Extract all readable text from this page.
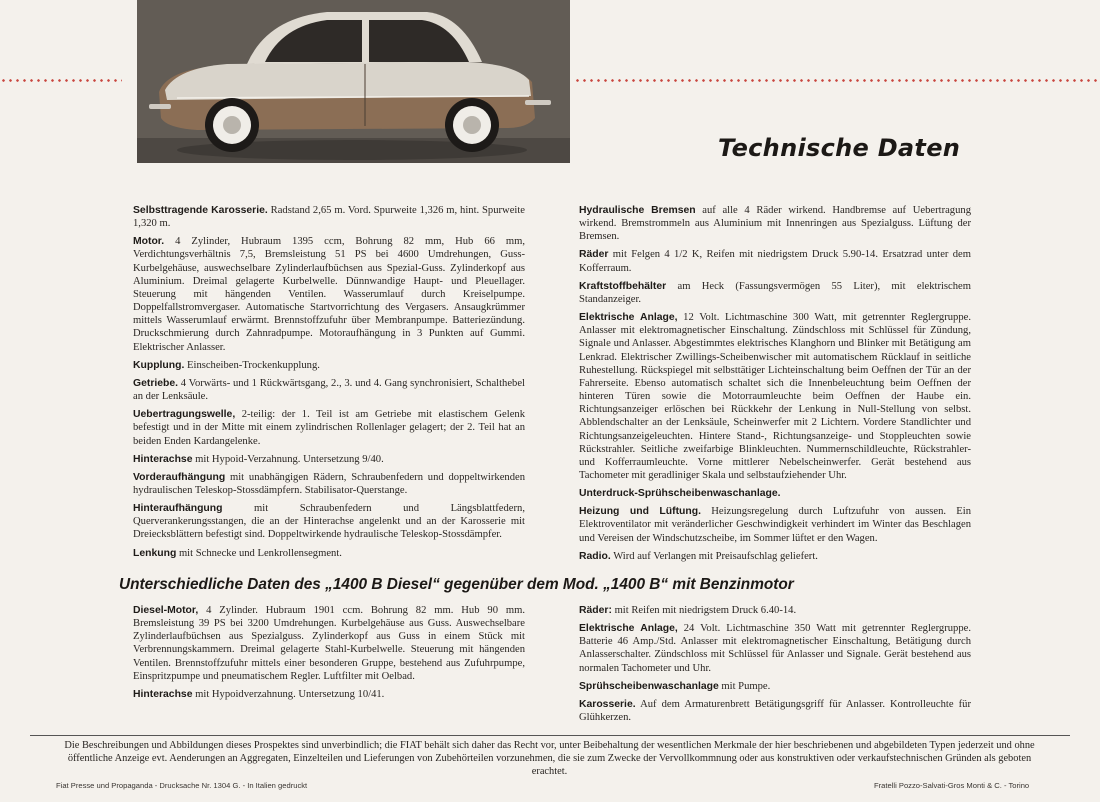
Technische Daten

Selbsttragende Karosserie. Radstand 2,65 m. Vord. Spurweite 1,326 m, hint. Spurweite 1,320 m.

Motor. 4 Zylinder, Hubraum 1395 ccm, Bohrung 82 mm, Hub 66 mm, Verdichtungsverhältnis 7,5, Bremsleistung 51 PS bei 4600 Umdrehungen, Guss-Kurbelgehäuse, auswechselbare Zylinderlaufbüchsen aus Spezial-Guss. Zylinderkopf aus Aluminium. Dreimal gelagerte Kurbelwelle. Dünnwandige Haupt- und Pleuellager. Steuerung mit hängenden Ventilen. Wasserumlauf durch Kreiselpumpe. Doppelfallstromvergaser. Automatische Startvorrichtung des Vergasers. Ansaugkrümmer mittels Wasserumlauf erwärmt. Brennstoffzufuhr über Membranpumpe. Batteriezündung. Druckschmierung durch Zahnradpumpe. Motoraufhängung in 3 Punkten auf Gummi. Elektrischer Anlasser.

Kupplung. Einscheiben-Trockenkupplung.

Getriebe. 4 Vorwärts- und 1 Rückwärtsgang, 2., 3. und 4. Gang synchronisiert, Schalthebel an der Lenksäule.

Uebertragungswelle, 2-teilig: der 1. Teil ist am Getriebe mit elastischem Gelenk befestigt und in der Mitte mit einem zylindrischen Rollenlager gelagert; der 2. Teil hat an beiden Enden Kardangelenke.

Hinterachse mit Hypoid-Verzahnung. Untersetzung 9/40.

Vorderaufhängung mit unabhängigen Rädern, Schraubenfedern und doppeltwirkenden hydraulischen Teleskop-Stossdämpfern. Stabilisator-Querstange.

Hinteraufhängung mit Schraubenfedern und Längsblattfedern, Querverankerungsstangen, die an der Hinterachse angelenkt und an der Karosserie mit Dreiecksblättern befestigt sind. Doppeltwirkende hydraulische Teleskop-Stossdämpfer.

Lenkung mit Schnecke und Lenkrollensegment.

Hydraulische Bremsen auf alle 4 Räder wirkend. Handbremse auf Uebertragung wirkend. Bremstrommeln aus Aluminium mit Innenringen aus Spezialguss. Lüftung der Bremsen.

Räder mit Felgen 4 1/2 K, Reifen mit niedrigstem Druck 5.90-14. Ersatzrad unter dem Kofferraum.

Kraftstoffbehälter am Heck (Fassungsvermögen 55 Liter), mit elektrischem Standanzeiger.

Elektrische Anlage, 12 Volt. Lichtmaschine 300 Watt, mit getrennter Reglergruppe. Anlasser mit elektromagnetischer Einschaltung. Zündschloss mit Schlüssel für Zündung, Signale und Anlasser. Abgestimmtes elektrisches Klanghorn und Blinker mit Betätigung am Lenkrad. Elektrischer Zwillings-Scheibenwischer mit automatischem Rücklauf in seitliche Ruhestellung. Rückspiegel mit selbsttätiger Lichteinschaltung beim Oeffnen der Tür an der Fahrerseite. Ebenso automatisch schaltet sich die Innenbeleuchtung beim Oeffnen der hinteren Türen sowie die Motorraumleuchte beim Oeffnen der Haube ein. Richtungsanzeiger erlöschen bei Rückkehr der Lenkung in Null-Stellung von selbst. Abblendschalter an der Lenksäule, Scheinwerfer mit 2 Lichtern. Vordere Standlichter und Richtungsanzeigeleuchten. Hintere Stand-, Richtungsanzeige- und Stoppleuchten sowie Rückstrahler. Seitliche zweifarbige Blinkleuchten. Nummernschildleuchte, Rückstrahler- und Kofferraumleuchte. Vorne mittlerer Nebelscheinwerfer. Gerät bestehend aus Tachometer mit geradliniger Skala und selbstaufziehender Uhr.

Unterdruck-Sprühscheibenwaschanlage.

Heizung und Lüftung. Heizungsregelung durch Luftzufuhr von aussen. Ein Elektroventilator mit veränderlicher Geschwindigkeit verhindert im Winter das Beschlagen und Vereisen der Windschutzscheibe, im Sommer lüftet er den Wagen.

Radio. Wird auf Verlangen mit Preisaufschlag geliefert.

Unterschiedliche Daten des „1400 B Diesel“ gegenüber dem Mod. „1400 B“ mit Benzinmotor

Diesel-Motor, 4 Zylinder. Hubraum 1901 ccm. Bohrung 82 mm. Hub 90 mm. Bremsleistung 39 PS bei 3200 Umdrehungen. Kurbelgehäuse aus Guss. Auswechselbare Zylinderlaufbüchsen aus Spezialguss. Zylinderkopf aus Guss in einem Stück mit Verbrennungskammern. Dreimal gelagerte Stahl-Kurbelwelle. Steuerung mit hängenden Ventilen. Brennstoffzufuhr mittels einer besonderen Gruppe, bestehend aus Zufuhrpumpe, Einspritzpumpe und pneumatischem Regler. Luftfilter mit Oelbad.

Hinterachse mit Hypoidverzahnung. Untersetzung 10/41.

Räder: mit Reifen mit niedrigstem Druck 6.40-14.

Elektrische Anlage, 24 Volt. Lichtmaschine 350 Watt mit getrennter Reglergruppe. Batterie 46 Amp./Std. Anlasser mit elektromagnetischer Einschaltung, Betätigung durch Anlasserschalter. Zündschloss mit Schlüssel für Anlasser und Signale. Gerät bestehend aus normalen Tachometer und Uhr.

Sprühscheibenwaschanlage mit Pumpe.

Karosserie. Auf dem Armaturenbrett Betätigungsgriff für Anlasser. Kontrolleuchte für Glühkerzen.

Die Beschreibungen und Abbildungen dieses Prospektes sind unverbindlich; die FIAT behält sich daher das Recht vor, unter Beibehaltung der wesentlichen Merkmale der hier beschriebenen und abgebildeten Typen jederzeit und ohne öffentliche Anzeige evt. Aenderungen an Aggregaten, Einzelteilen und Lieferungen von Zubehörteilen vorzunehmen, die sie zum Zwecke der Vervollkommnung oder aus konstruktiven oder verkaufstechnischen Gründen als geboten erachtet.
Fiat Presse und Propaganda - Drucksache Nr. 1304 G. - In Italien gedruckt	Fratelli Pozzo-Salvati-Gros Monti & C. - Torino
